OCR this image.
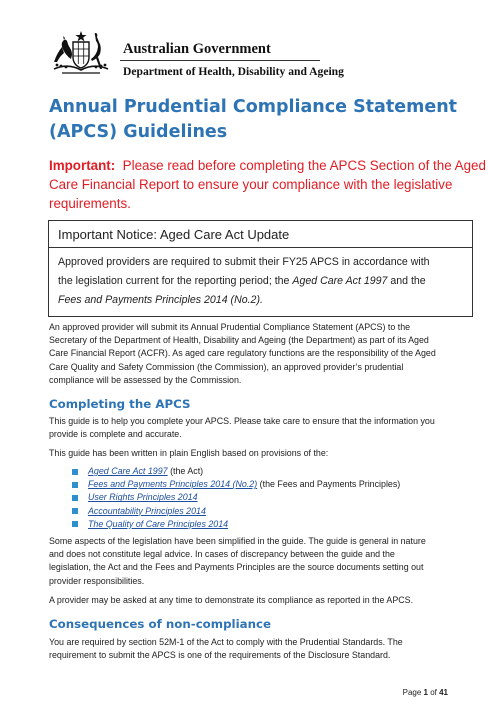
Australian Government
Department of Health, Disability and Ageing
Annual Prudential Compliance Statement
(APCS) Guidelines
Important: Please read before completing the APCS Section of the Aged
Care Financial Report to ensure your compliance with the legislative
requirements.
Important Notice: Aged Care Act Update
Approved providers are required to submit their FY25 APCS in accordance with
the legislation current for the reporting period; the Aged Care Act 1997 and the
Fees and Payments Principles 2014 (No.2).
An approved provider will submit its Annual Prudential Compliance Statement (APCS) to the
Secretary of the Department of Health, Disability and Ageing (the Department) as part of its Aged
Care Financial Report (ACFR). As aged care regulatory functions are the responsibility of the Aged
Care Quality and Safety Commission (the Commission), an approved provider’s prudential
compliance will be assessed by the Commission.
Completing the APCS
This guide is to help you complete your APCS. Please take care to ensure that the information you
provide is complete and accurate.
This guide has been written in plain English based on provisions of the:
Aged Care Act 1997 (the Act)
Fees and Payments Principles 2014 (No.2) (the Fees and Payments Principles)
User Rights Principles 2014
Accountability Principles 2014
The Quality of Care Principles 2014
Some aspects of the legislation have been simplified in the guide. The guide is general in nature
and does not constitute legal advice. In cases of discrepancy between the guide and the
legislation, the Act and the Fees and Payments Principles are the source documents setting out
provider responsibilities.
A provider may be asked at any time to demonstrate its compliance as reported in the APCS.
Consequences of non-compliance
You are required by section 52M-1 of the Act to comply with the Prudential Standards. The
requirement to submit the APCS is one of the requirements of the Disclosure Standard.
Page 1 of 41
